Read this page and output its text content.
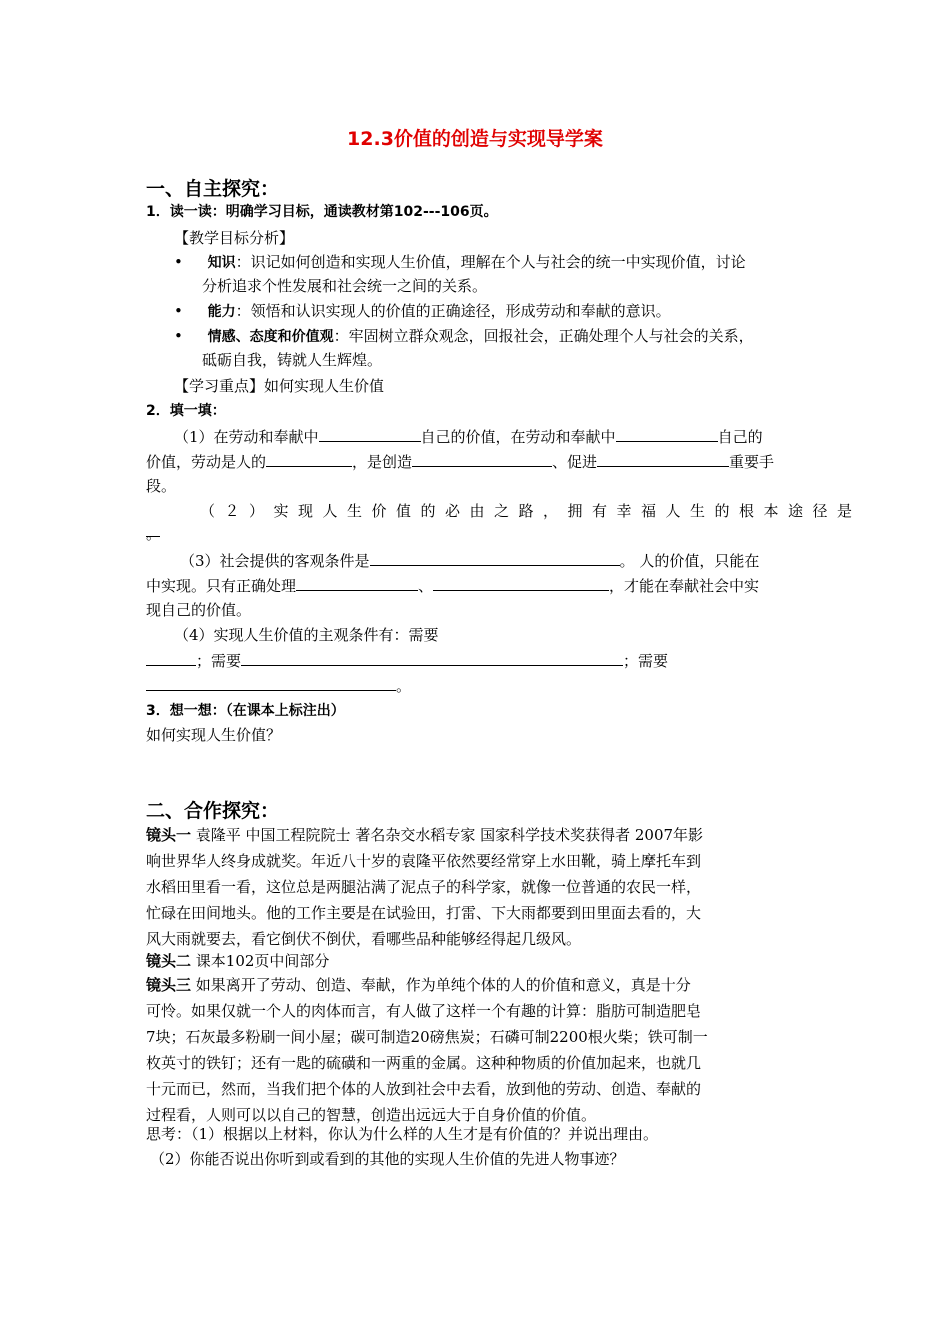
12.3价值的创造与实现导学案
一、自主探究：
1．读一读：明确学习目标，通读教材第102---106页。
【教学目标分析】
• 知识：识记如何创造和实现人生价值，理解在个人与社会的统一中实现价值，讨论
分析追求个性发展和社会统一之间的关系。
• 能力：领悟和认识实现人的价值的正确途径，形成劳动和奉献的意识。
• 情感、态度和价值观：牢固树立群众观念，回报社会，正确处理个人与社会的关系，
砥砺自我，铸就人生辉煌。
【学习重点】如何实现人生价值
2．填一填：
（1）在劳动和奉献中	自己的价值，在劳动和奉献中	自己的
价值，劳动是人的	，是创造	、促进	重要手
段。
（２）实现人生价值的必由之路，拥有幸福人生的根本途径是
。
（3）社会提供的客观条件是	。 人的价值，只能在
中实现。只有正确处理	、	，才能在奉献社会中实
现自己的价值。
（4）实现人生价值的主观条件有：需要
；需要	；需要
。
3．想一想：（在课本上标注出）
如何实现人生价值？
二、合作探究：

镜头一 袁隆平 中国工程院院士 著名杂交水稻专家 国家科学技术奖获得者 2007年影

响世界华人终身成就奖。年近八十岁的袁隆平依然要经常穿上水田靴，骑上摩托车到

水稻田里看一看，这位总是两腿沾满了泥点子的科学家，就像一位普通的农民一样，

忙碌在田间地头。他的工作主要是在试验田，打雷、下大雨都要到田里面去看的，大

风大雨就要去，看它倒伏不倒伏，看哪些品种能够经得起几级风。

镜头二 课本102页中间部分

镜头三 如果离开了劳动、创造、奉献，作为单纯个体的人的价值和意义，真是十分

可怜。如果仅就一个人的肉体而言，有人做了这样一个有趣的计算：脂肪可制造肥皂

7块；石灰最多粉刷一间小屋；碳可制造20磅焦炭；石磷可制2200根火柴；铁可制一

枚英寸的铁钉；还有一匙的硫磺和一两重的金属。这种种物质的价值加起来，也就几

十元而已，然而，当我们把个体的人放到社会中去看，放到他的劳动、创造、奉献的

过程看，人则可以以自己的智慧，创造出远远大于自身价值的价值。

思考：（1）根据以上材料，你认为什么样的人生才是有价值的？并说出理由。
（2）你能否说出你听到或看到的其他的实现人生价值的先进人物事迹？
